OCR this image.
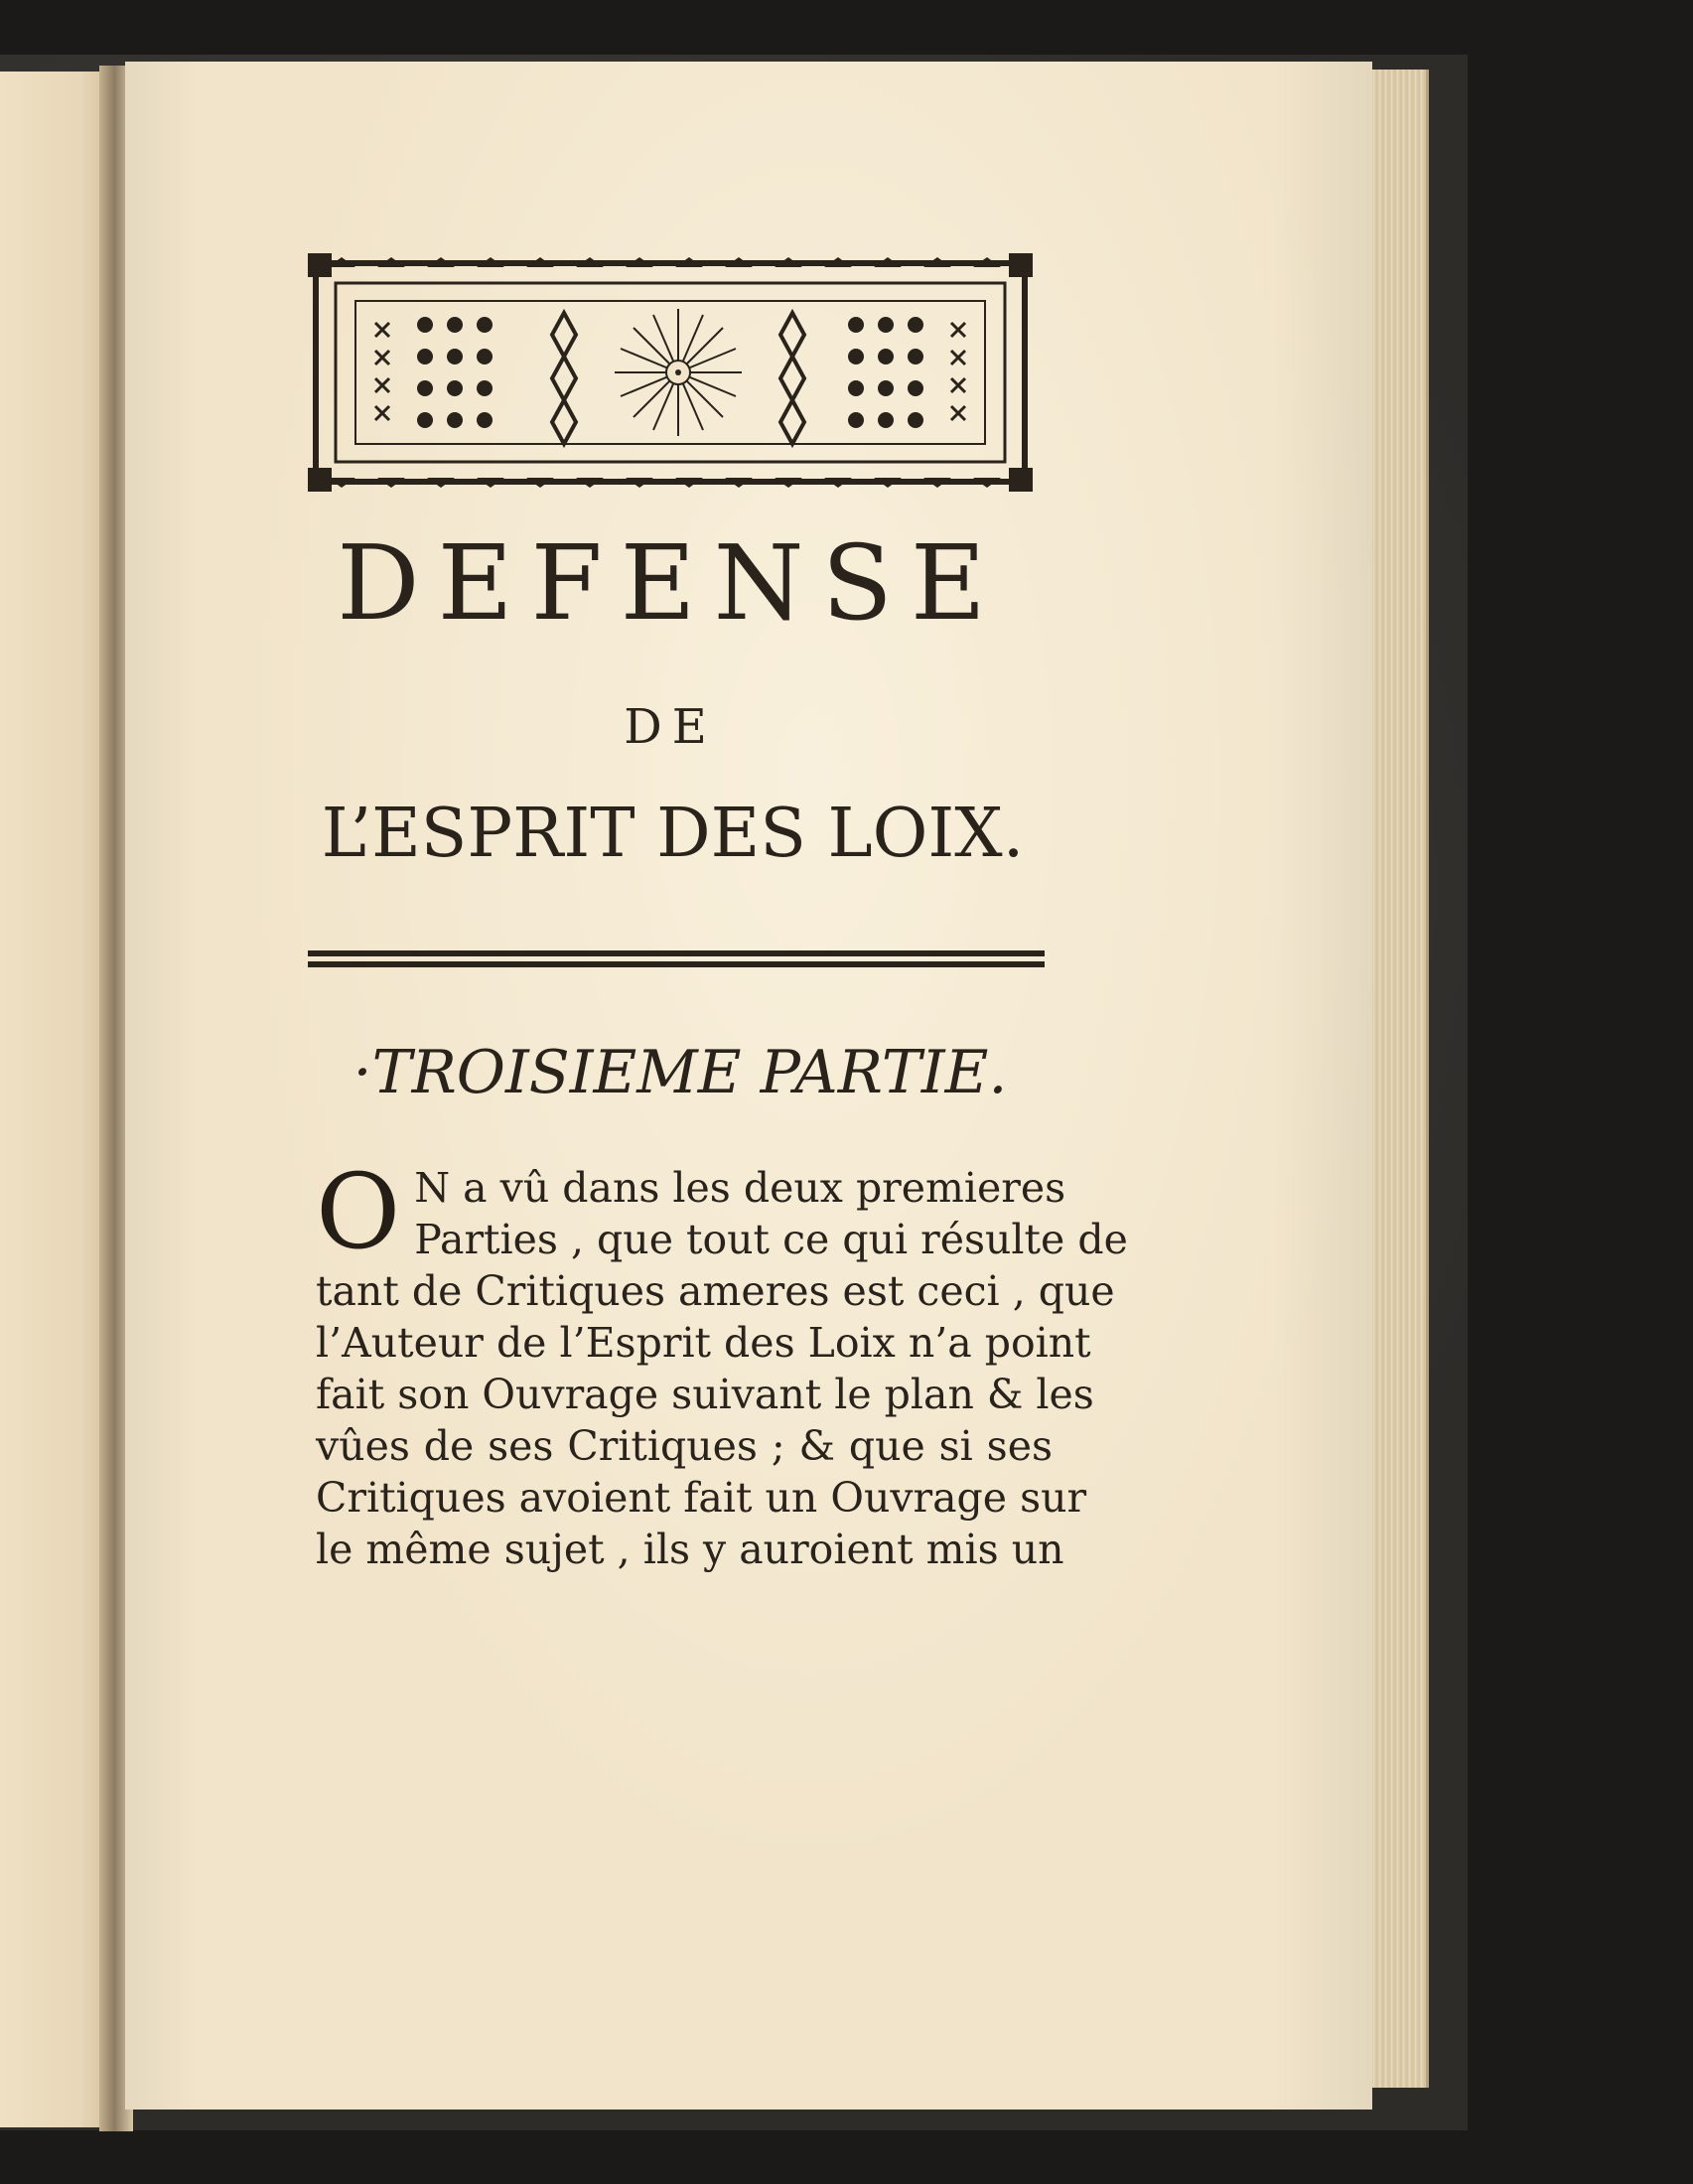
DEFENSE
DE
L’ESPRIT DES LOIX.
·TROISIEME PARTIE.
O N a vû dans les deux premieres
Parties , que tout ce qui résulte de
tant de Critiques ameres est ceci , que
l’Auteur de l’Esprit des Loix n’a point
fait son Ouvrage suivant le plan & les
vûes de ses Critiques ; & que si ses
Critiques avoient fait un Ouvrage sur
le même sujet , ils y auroient mis un
